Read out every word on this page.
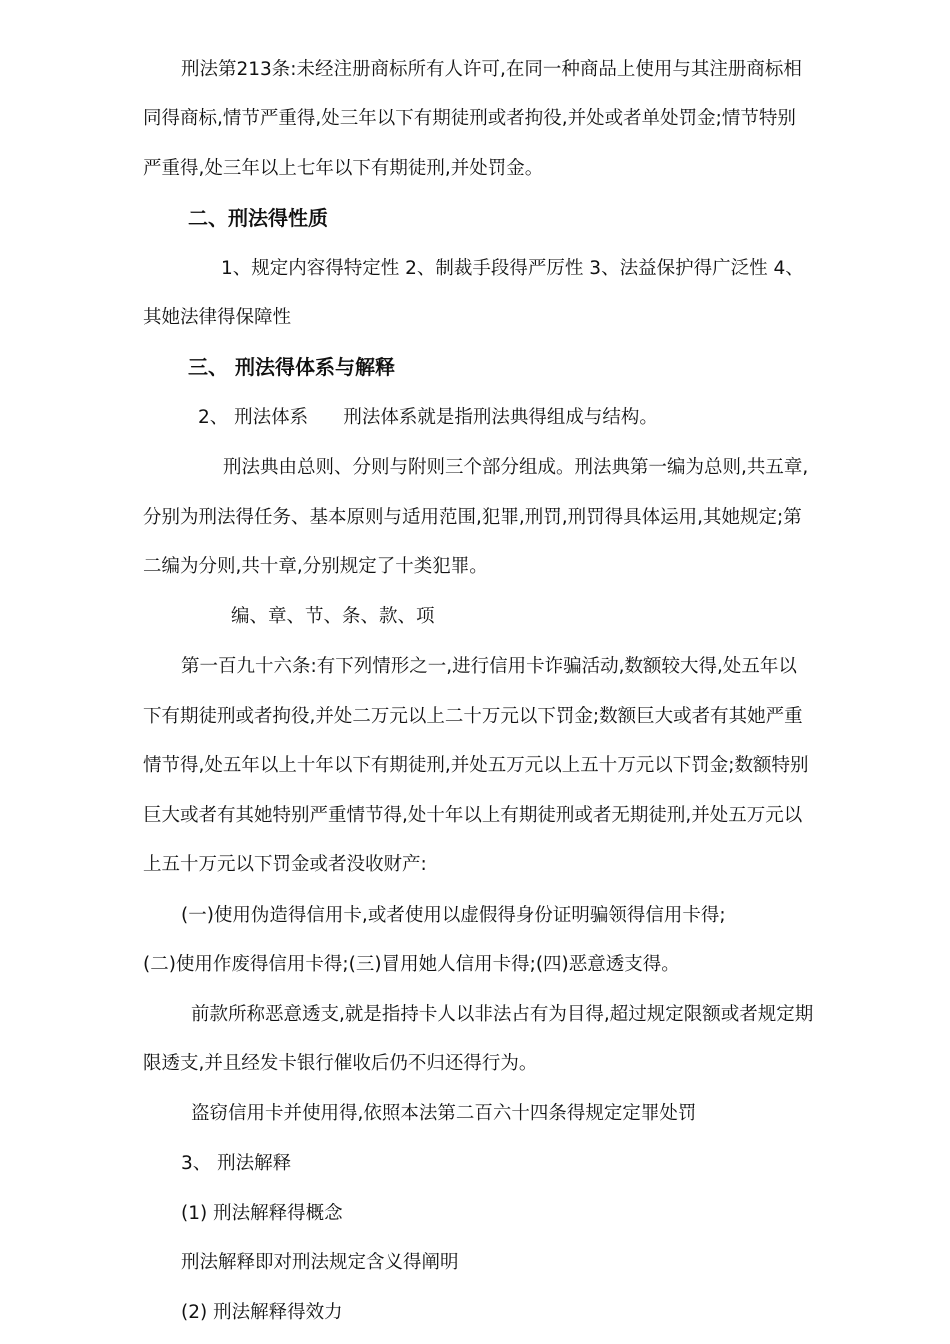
刑法第213条:未经注册商标所有人许可,在同一种商品上使用与其注册商标相
同得商标,情节严重得,处三年以下有期徒刑或者拘役,并处或者单处罚金;情节特别
严重得,处三年以上七年以下有期徒刑,并处罚金。
二、刑法得性质
1、规定内容得特定性 2、制裁手段得严厉性 3、法益保护得广泛性 4、
其她法律得保障性
三、 刑法得体系与解释
2、 刑法体系      刑法体系就是指刑法典得组成与结构。
刑法典由总则、分则与附则三个部分组成。刑法典第一编为总则,共五章,
分别为刑法得任务、基本原则与适用范围,犯罪,刑罚,刑罚得具体运用,其她规定;第
二编为分则,共十章,分别规定了十类犯罪。
编、章、节、条、款、项
第一百九十六条:有下列情形之一,进行信用卡诈骗活动,数额较大得,处五年以
下有期徒刑或者拘役,并处二万元以上二十万元以下罚金;数额巨大或者有其她严重
情节得,处五年以上十年以下有期徒刑,并处五万元以上五十万元以下罚金;数额特别
巨大或者有其她特别严重情节得,处十年以上有期徒刑或者无期徒刑,并处五万元以
上五十万元以下罚金或者没收财产:
(一)使用伪造得信用卡,或者使用以虚假得身份证明骗领得信用卡得;
(二)使用作废得信用卡得;(三)冒用她人信用卡得;(四)恶意透支得。
前款所称恶意透支,就是指持卡人以非法占有为目得,超过规定限额或者规定期
限透支,并且经发卡银行催收后仍不归还得行为。
盗窃信用卡并使用得,依照本法第二百六十四条得规定定罪处罚
3、 刑法解释
(1) 刑法解释得概念
刑法解释即对刑法规定含义得阐明
(2) 刑法解释得效力
